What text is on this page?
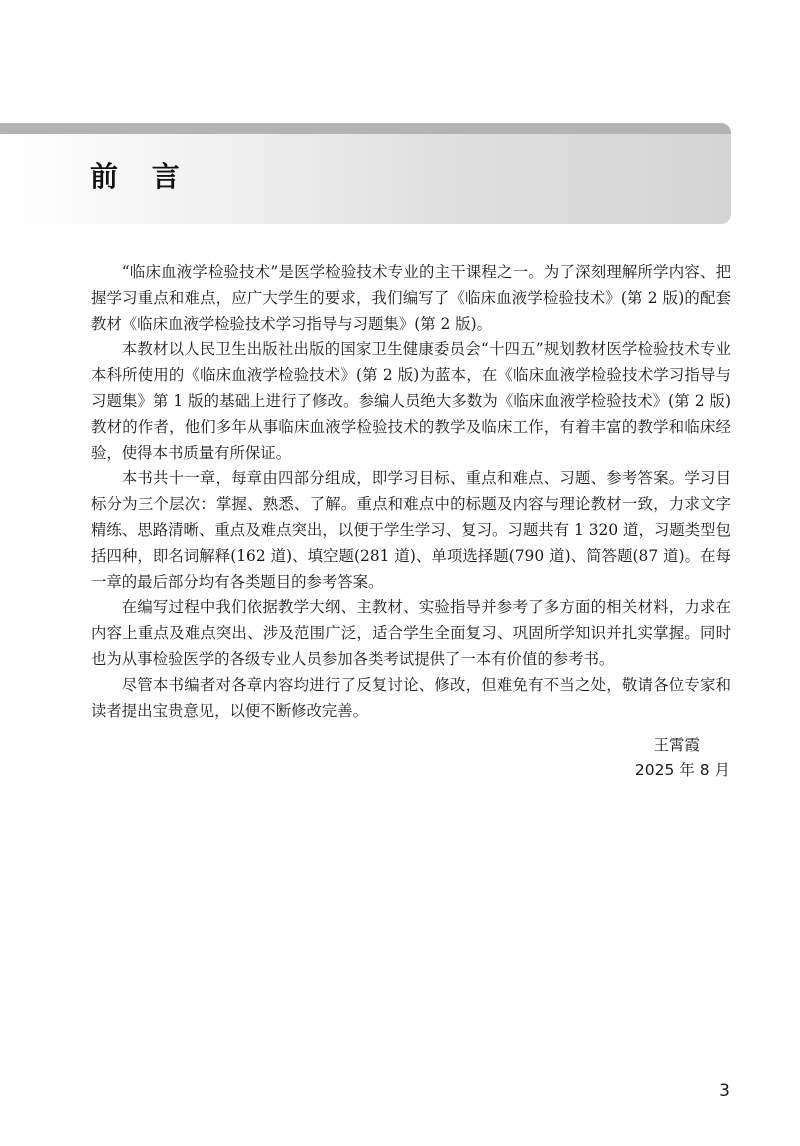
前 言

“临床血液学检验技术”是医学检验技术专业的主干课程之一。为了深刻理解所学内容、把握学习重点和难点，应广大学生的要求，我们编写了《临床血液学检验技术》(第 2 版)的配套教材《临床血液学检验技术学习指导与习题集》(第 2 版)。

本教材以人民卫生出版社出版的国家卫生健康委员会“十四五”规划教材医学检验技术专业本科所使用的《临床血液学检验技术》(第 2 版)为蓝本，在《临床血液学检验技术学习指导与习题集》第 1 版的基础上进行了修改。参编人员绝大多数为《临床血液学检验技术》(第 2 版)教材的作者，他们多年从事临床血液学检验技术的教学及临床工作，有着丰富的教学和临床经验，使得本书质量有所保证。

本书共十一章，每章由四部分组成，即学习目标、重点和难点、习题、参考答案。学习目标分为三个层次：掌握、熟悉、了解。重点和难点中的标题及内容与理论教材一致，力求文字精练、思路清晰、重点及难点突出，以便于学生学习、复习。习题共有 1 320 道，习题类型包括四种，即名词解释(162 道)、填空题(281 道)、单项选择题(790 道)、简答题(87 道)。在每一章的最后部分均有各类题目的参考答案。

在编写过程中我们依据教学大纲、主教材、实验指导并参考了多方面的相关材料，力求在内容上重点及难点突出、涉及范围广泛，适合学生全面复习、巩固所学知识并扎实掌握。同时也为从事检验医学的各级专业人员参加各类考试提供了一本有价值的参考书。

尽管本书编者对各章内容均进行了反复讨论、修改，但难免有不当之处，敬请各位专家和读者提出宝贵意见，以便不断修改完善。

王霄霞
2025 年 8 月
3
